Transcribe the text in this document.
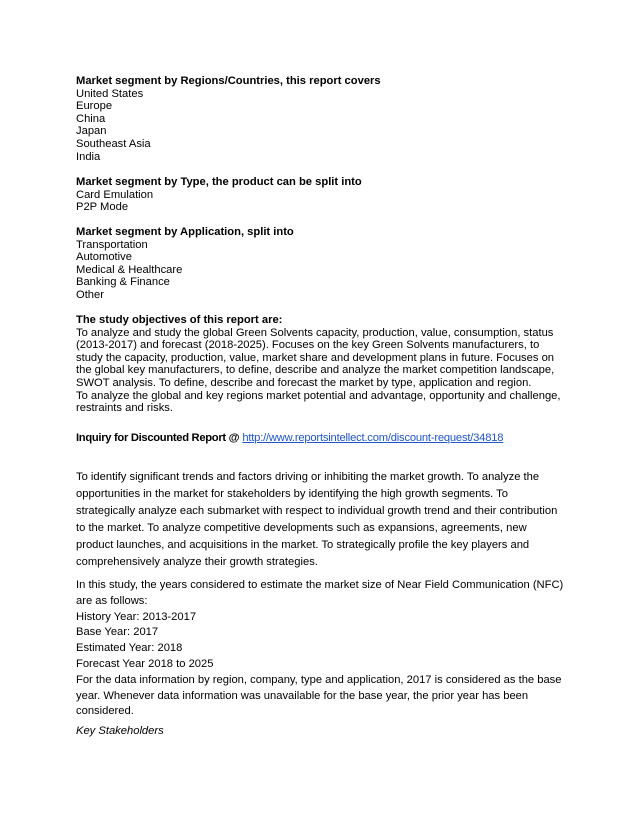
Market segment by Regions/Countries, this report covers
United States
Europe
China
Japan
Southeast Asia
India
Market segment by Type, the product can be split into
Card Emulation
P2P Mode
Market segment by Application, split into
Transportation
Automotive
Medical & Healthcare
Banking & Finance
Other
The study objectives of this report are:
To analyze and study the global Green Solvents capacity, production, value, consumption, status (2013-2017) and forecast (2018-2025). Focuses on the key Green Solvents manufacturers, to study the capacity, production, value, market share and development plans in future. Focuses on the global key manufacturers, to define, describe and analyze the market competition landscape, SWOT analysis. To define, describe and forecast the market by type, application and region.
To analyze the global and key regions market potential and advantage, opportunity and challenge, restraints and risks.
Inquiry for Discounted Report @ http://www.reportsintellect.com/discount-request/34818
To identify significant trends and factors driving or inhibiting the market growth. To analyze the opportunities in the market for stakeholders by identifying the high growth segments. To strategically analyze each submarket with respect to individual growth trend and their contribution to the market. To analyze competitive developments such as expansions, agreements, new product launches, and acquisitions in the market. To strategically profile the key players and comprehensively analyze their growth strategies.
In this study, the years considered to estimate the market size of Near Field Communication (NFC) are as follows:
History Year: 2013-2017
Base Year: 2017
Estimated Year: 2018
Forecast Year 2018 to 2025
For the data information by region, company, type and application, 2017 is considered as the base year. Whenever data information was unavailable for the base year, the prior year has been considered.
Key Stakeholders
